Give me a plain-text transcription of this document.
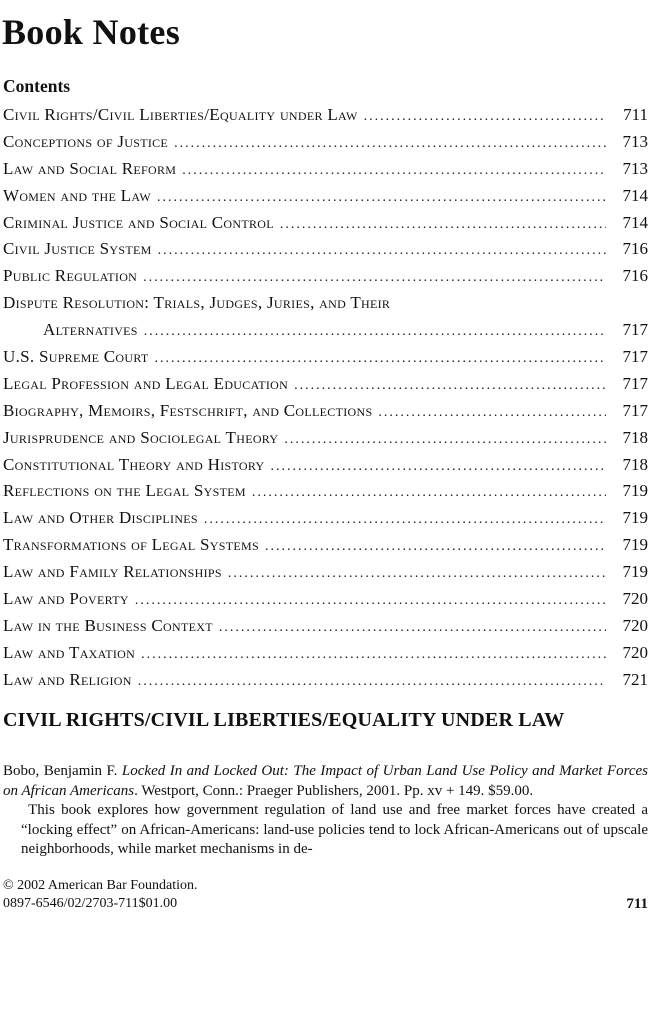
Book Notes
Contents
Civil Rights/Civil Liberties/Equality under Law .....	711
Conceptions of Justice .....	713
Law and Social Reform .....	713
Women and the Law .....	714
Criminal Justice and Social Control .....	714
Civil Justice System .....	716
Public Regulation .....	716
Dispute Resolution: Trials, Judges, Juries, and Their
Alternatives .....	717
U.S. Supreme Court .....	717
Legal Profession and Legal Education .....	717
Biography, Memoirs, Festschrift, and Collections .....	717
Jurisprudence and Sociolegal Theory .....	718
Constitutional Theory and History .....	718
Reflections on the Legal System .....	719
Law and Other Disciplines .....	719
Transformations of Legal Systems .....	719
Law and Family Relationships .....	719
Law and Poverty .....	720
Law in the Business Context .....	720
Law and Taxation .....	720
Law and Religion .....	721
CIVIL RIGHTS/CIVIL LIBERTIES/EQUALITY UNDER LAW

Bobo, Benjamin F. Locked In and Locked Out: The Impact of Urban Land Use Policy and Market Forces on African Americans. Westport, Conn.: Praeger Publishers, 2001. Pp. xv + 149. $59.00.

This book explores how government regulation of land use and free market forces have created a “locking effect” on African-Americans: land-use policies tend to lock African-Americans out of upscale neighborhoods, while market mechanisms in de-

© 2002 American Bar Foundation.
0897-6546/02/2703-711$01.00	711
